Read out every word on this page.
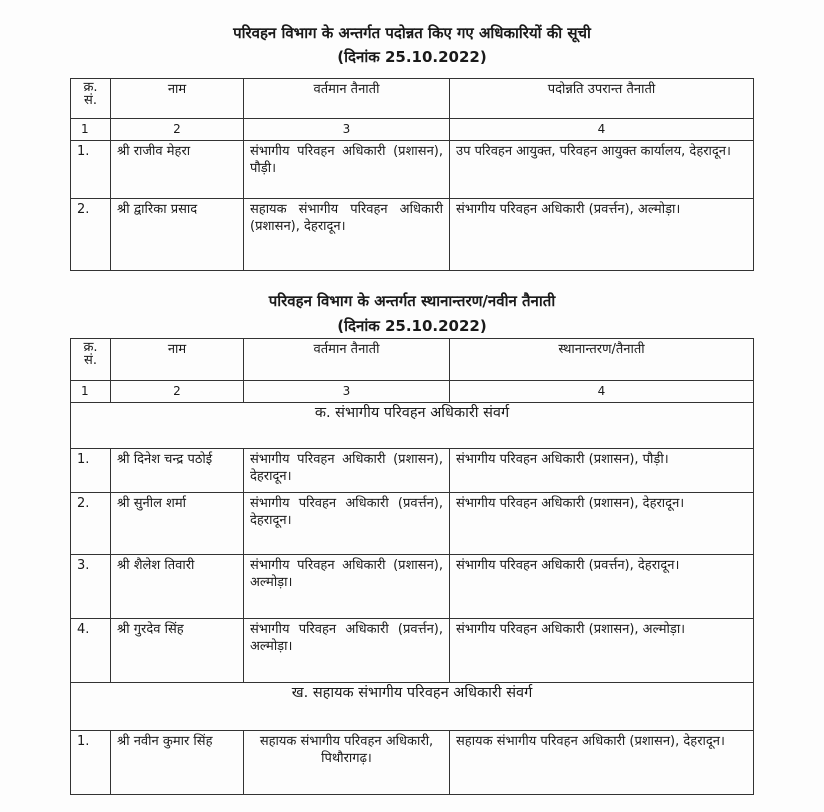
परिवहन विभाग के अन्तर्गत पदोन्नत किए गए अधिकारियों की सूची

(दिनांक 25.10.2022)

क्र. सं.	नाम	वर्तमान तैनाती	पदोन्नति उपरान्त तैनाती
1	2	3	4
1.	श्री राजीव मेहरा	संभागीय परिवहन अधिकारी (प्रशासन), पौड़ी।	उप परिवहन आयुक्त, परिवहन आयुक्त कार्यालय, देहरादून।
2.	श्री द्वारिका प्रसाद	सहायक संभागीय परिवहन अधिकारी (प्रशासन), देहरादून।	संभागीय परिवहन अधिकारी (प्रवर्त्तन), अल्मोड़ा।

परिवहन विभाग के अन्तर्गत स्थानान्तरण/नवीन तैनाती

(दिनांक 25.10.2022)

क्र. सं.	नाम	वर्तमान तैनाती	स्थानान्तरण/तैनाती
1	2	3	4
क. संभागीय परिवहन अधिकारी संवर्ग			
1.	श्री दिनेश चन्द्र पठोई	संभागीय परिवहन अधिकारी (प्रशासन), देहरादून।	संभागीय परिवहन अधिकारी (प्रशासन), पौड़ी।
2.	श्री सुनील शर्मा	संभागीय परिवहन अधिकारी (प्रवर्त्तन), देहरादून।	संभागीय परिवहन अधिकारी (प्रशासन), देहरादून।
3.	श्री शैलेश तिवारी	संभागीय परिवहन अधिकारी (प्रशासन), अल्मोड़ा।	संभागीय परिवहन अधिकारी (प्रवर्त्तन), देहरादून।
4.	श्री गुरदेव सिंह	संभागीय परिवहन अधिकारी (प्रवर्त्तन), अल्मोड़ा।	संभागीय परिवहन अधिकारी (प्रशासन), अल्मोड़ा।
ख. सहायक संभागीय परिवहन अधिकारी संवर्ग			
1.	श्री नवीन कुमार सिंह	सहायक संभागीय परिवहन अधिकारी, पिथौरागढ़।	सहायक संभागीय परिवहन अधिकारी (प्रशासन), देहरादून।
